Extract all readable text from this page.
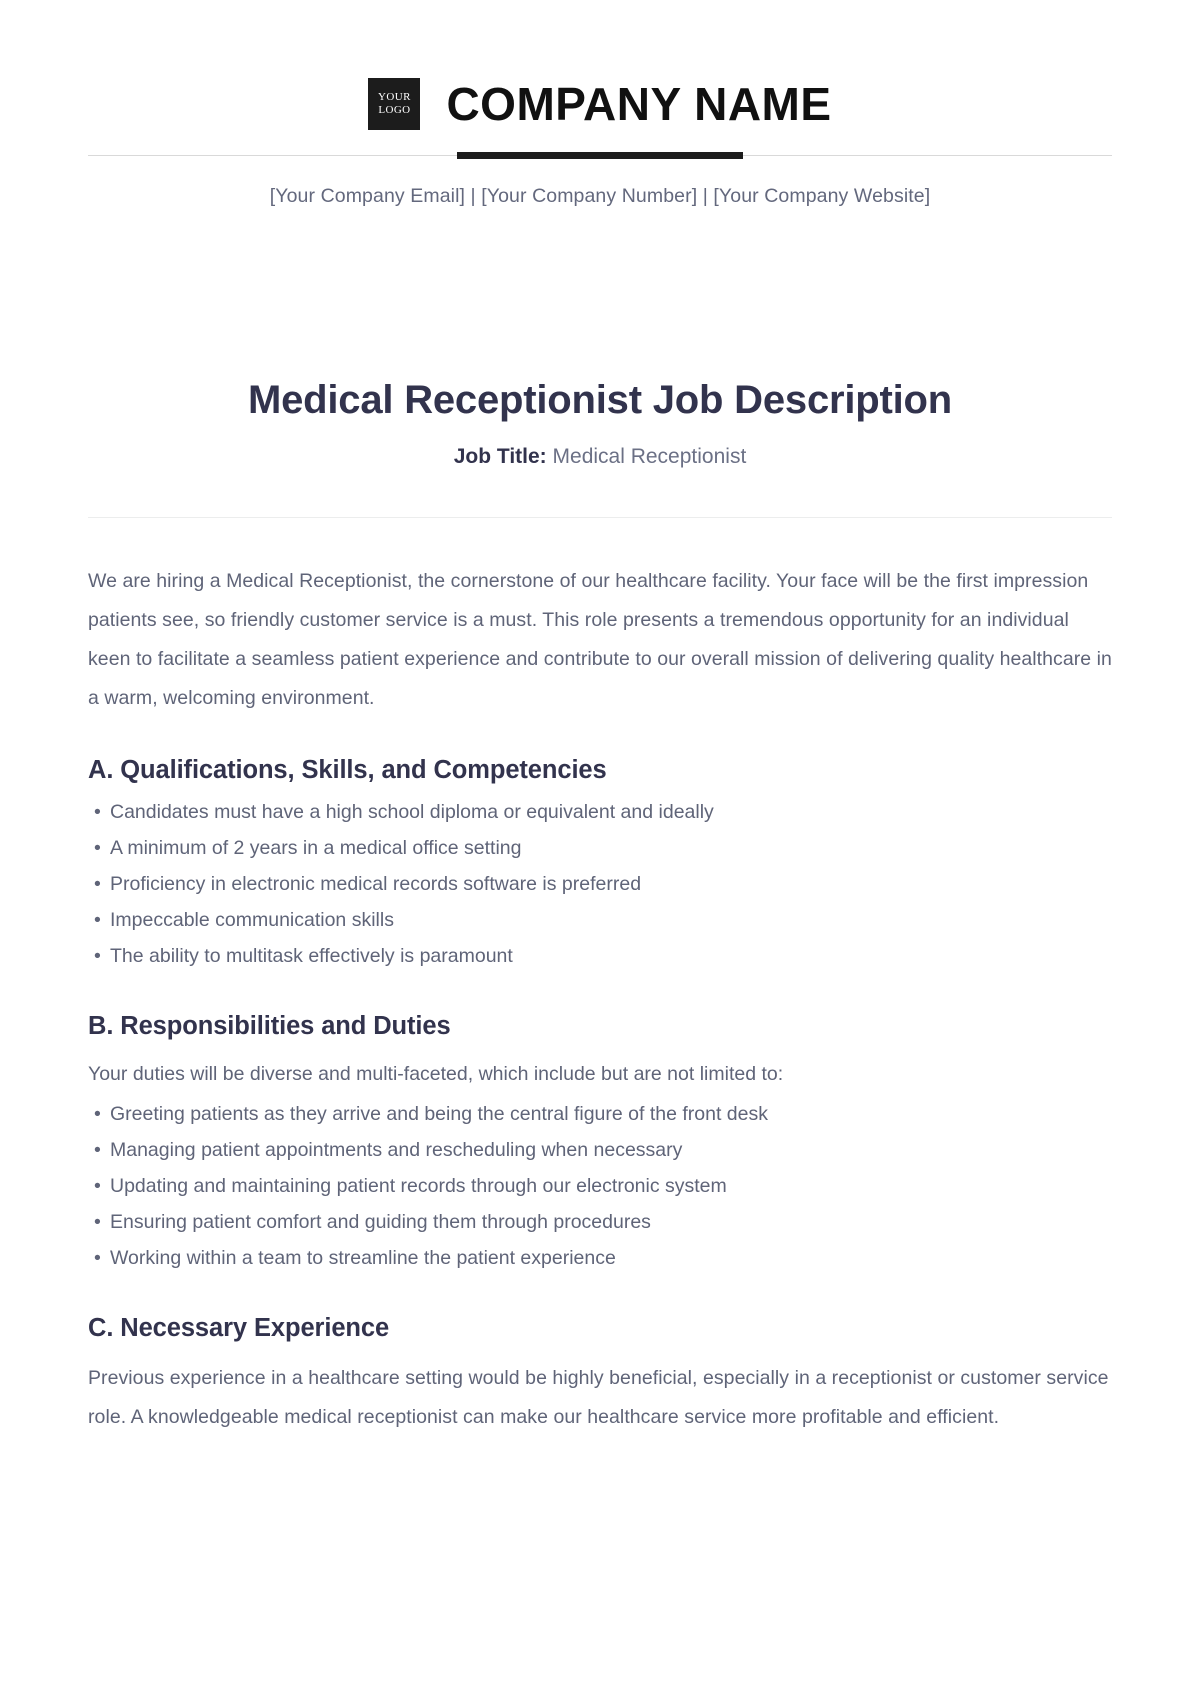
YOUR
LOGO COMPANY NAME
[Your Company Email] | [Your Company Number] | [Your Company Website]
Medical Receptionist Job Description
Job Title: Medical Receptionist

We are hiring a Medical Receptionist, the cornerstone of our healthcare facility. Your face will be the first impression patients see, so friendly customer service is a must. This role presents a tremendous opportunity for an individual keen to facilitate a seamless patient experience and contribute to our overall mission of delivering quality healthcare in a warm, welcoming environment.

A. Qualifications, Skills, and Competencies
• Candidates must have a high school diploma or equivalent and ideally
• A minimum of 2 years in a medical office setting
• Proficiency in electronic medical records software is preferred
• Impeccable communication skills
• The ability to multitask effectively is paramount
B. Responsibilities and Duties

Your duties will be diverse and multi-faceted, which include but are not limited to:

• Greeting patients as they arrive and being the central figure of the front desk
• Managing patient appointments and rescheduling when necessary
• Updating and maintaining patient records through our electronic system
• Ensuring patient comfort and guiding them through procedures
• Working within a team to streamline the patient experience
C. Necessary Experience

Previous experience in a healthcare setting would be highly beneficial, especially in a receptionist or customer service role. A knowledgeable medical receptionist can make our healthcare service more profitable and efficient.
